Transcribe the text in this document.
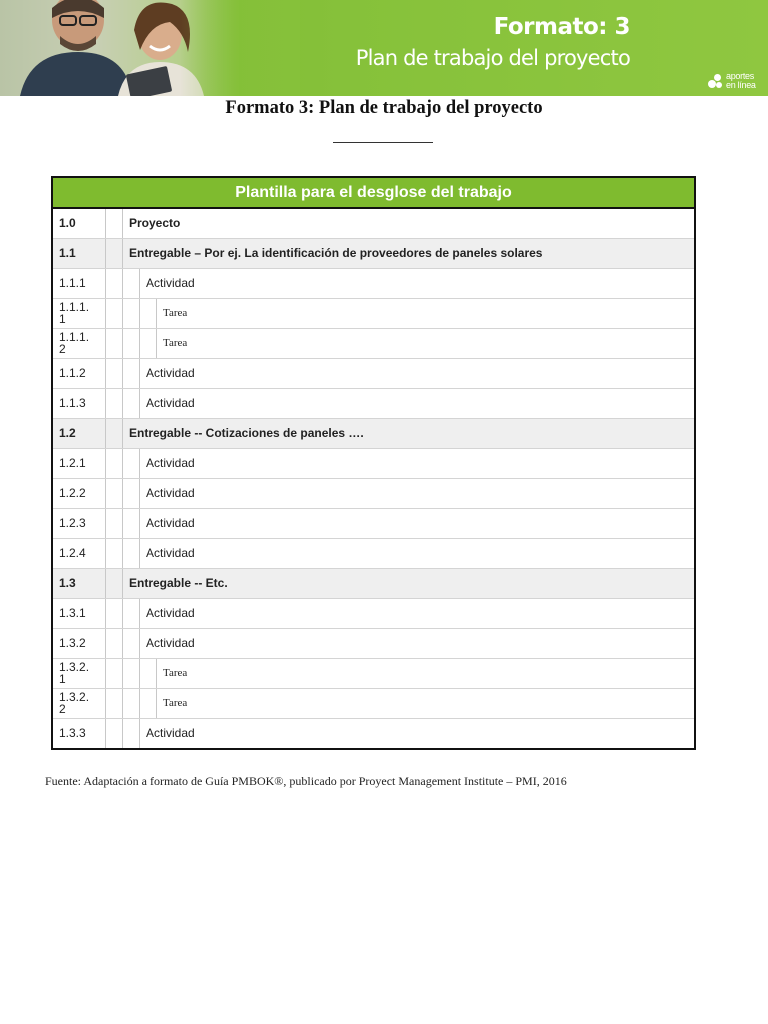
Formato: 3
Plan de trabajo del proyecto
aportes
en línea
Formato 3: Plan de trabajo del proyecto
Plantilla para el desglose del trabajo
1.0	Proyecto
1.1	Entregable – Por ej. La identificación de proveedores de paneles solares
1.1.1	Actividad
1.1.1.
1	Tarea
1.1.1.
2	Tarea
1.1.2	Actividad
1.1.3	Actividad
1.2	Entregable -- Cotizaciones de paneles ….
1.2.1	Actividad
1.2.2	Actividad
1.2.3	Actividad
1.2.4	Actividad
1.3	Entregable -- Etc.
1.3.1	Actividad
1.3.2	Actividad
1.3.2.
1	Tarea
1.3.2.
2	Tarea
1.3.3	Actividad
Fuente: Adaptación a formato de Guía PMBOK®, publicado por Proyect Management Institute – PMI, 2016
